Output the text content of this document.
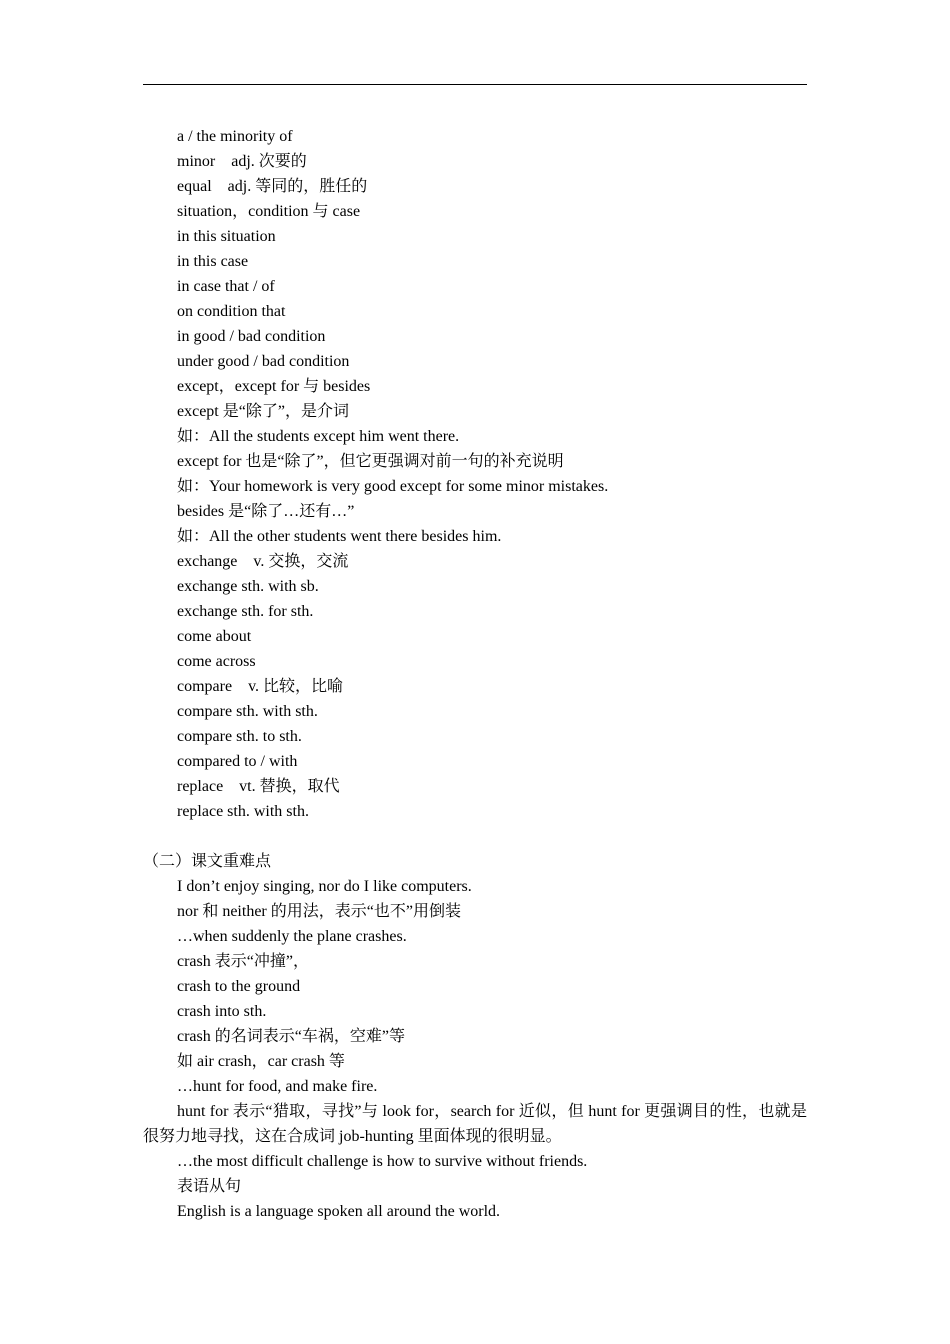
a / the minority of
minor　adj. 次要的
equal　adj. 等同的，胜任的
situation，condition 与 case
in this situation
in this case
in case that / of
on condition that
in good / bad condition
under good / bad condition
except，except for 与 besides
except 是“除了”，是介词
如：All the students except him went there.
except for 也是“除了”，但它更强调对前一句的补充说明
如：Your homework is very good except for some minor mistakes.
besides 是“除了…还有…”
如：All the other students went there besides him.
exchange　v. 交换，交流
exchange sth. with sb.
exchange sth. for sth.
come about
come across
compare　v. 比较，比喻
compare sth. with sth.
compare sth. to sth.
compared to / with
replace　vt. 替换，取代
replace sth. with sth.
（二）课文重难点
I don’t enjoy singing, nor do I like computers.
nor 和 neither 的用法，表示“也不”用倒装
…when suddenly the plane crashes.
crash 表示“冲撞”，
crash to the ground
crash into sth.
crash 的名词表示“车祸，空难”等
如 air crash，car crash 等
…hunt for food, and make fire.

hunt for 表示“猎取，寻找”与 look for，search for 近似，但 hunt for 更强调目的性，也就是很努力地寻找，这在合成词 job-hunting 里面体现的很明显。

…the most difficult challenge is how to survive without friends.
表语从句
English is a language spoken all around the world.
